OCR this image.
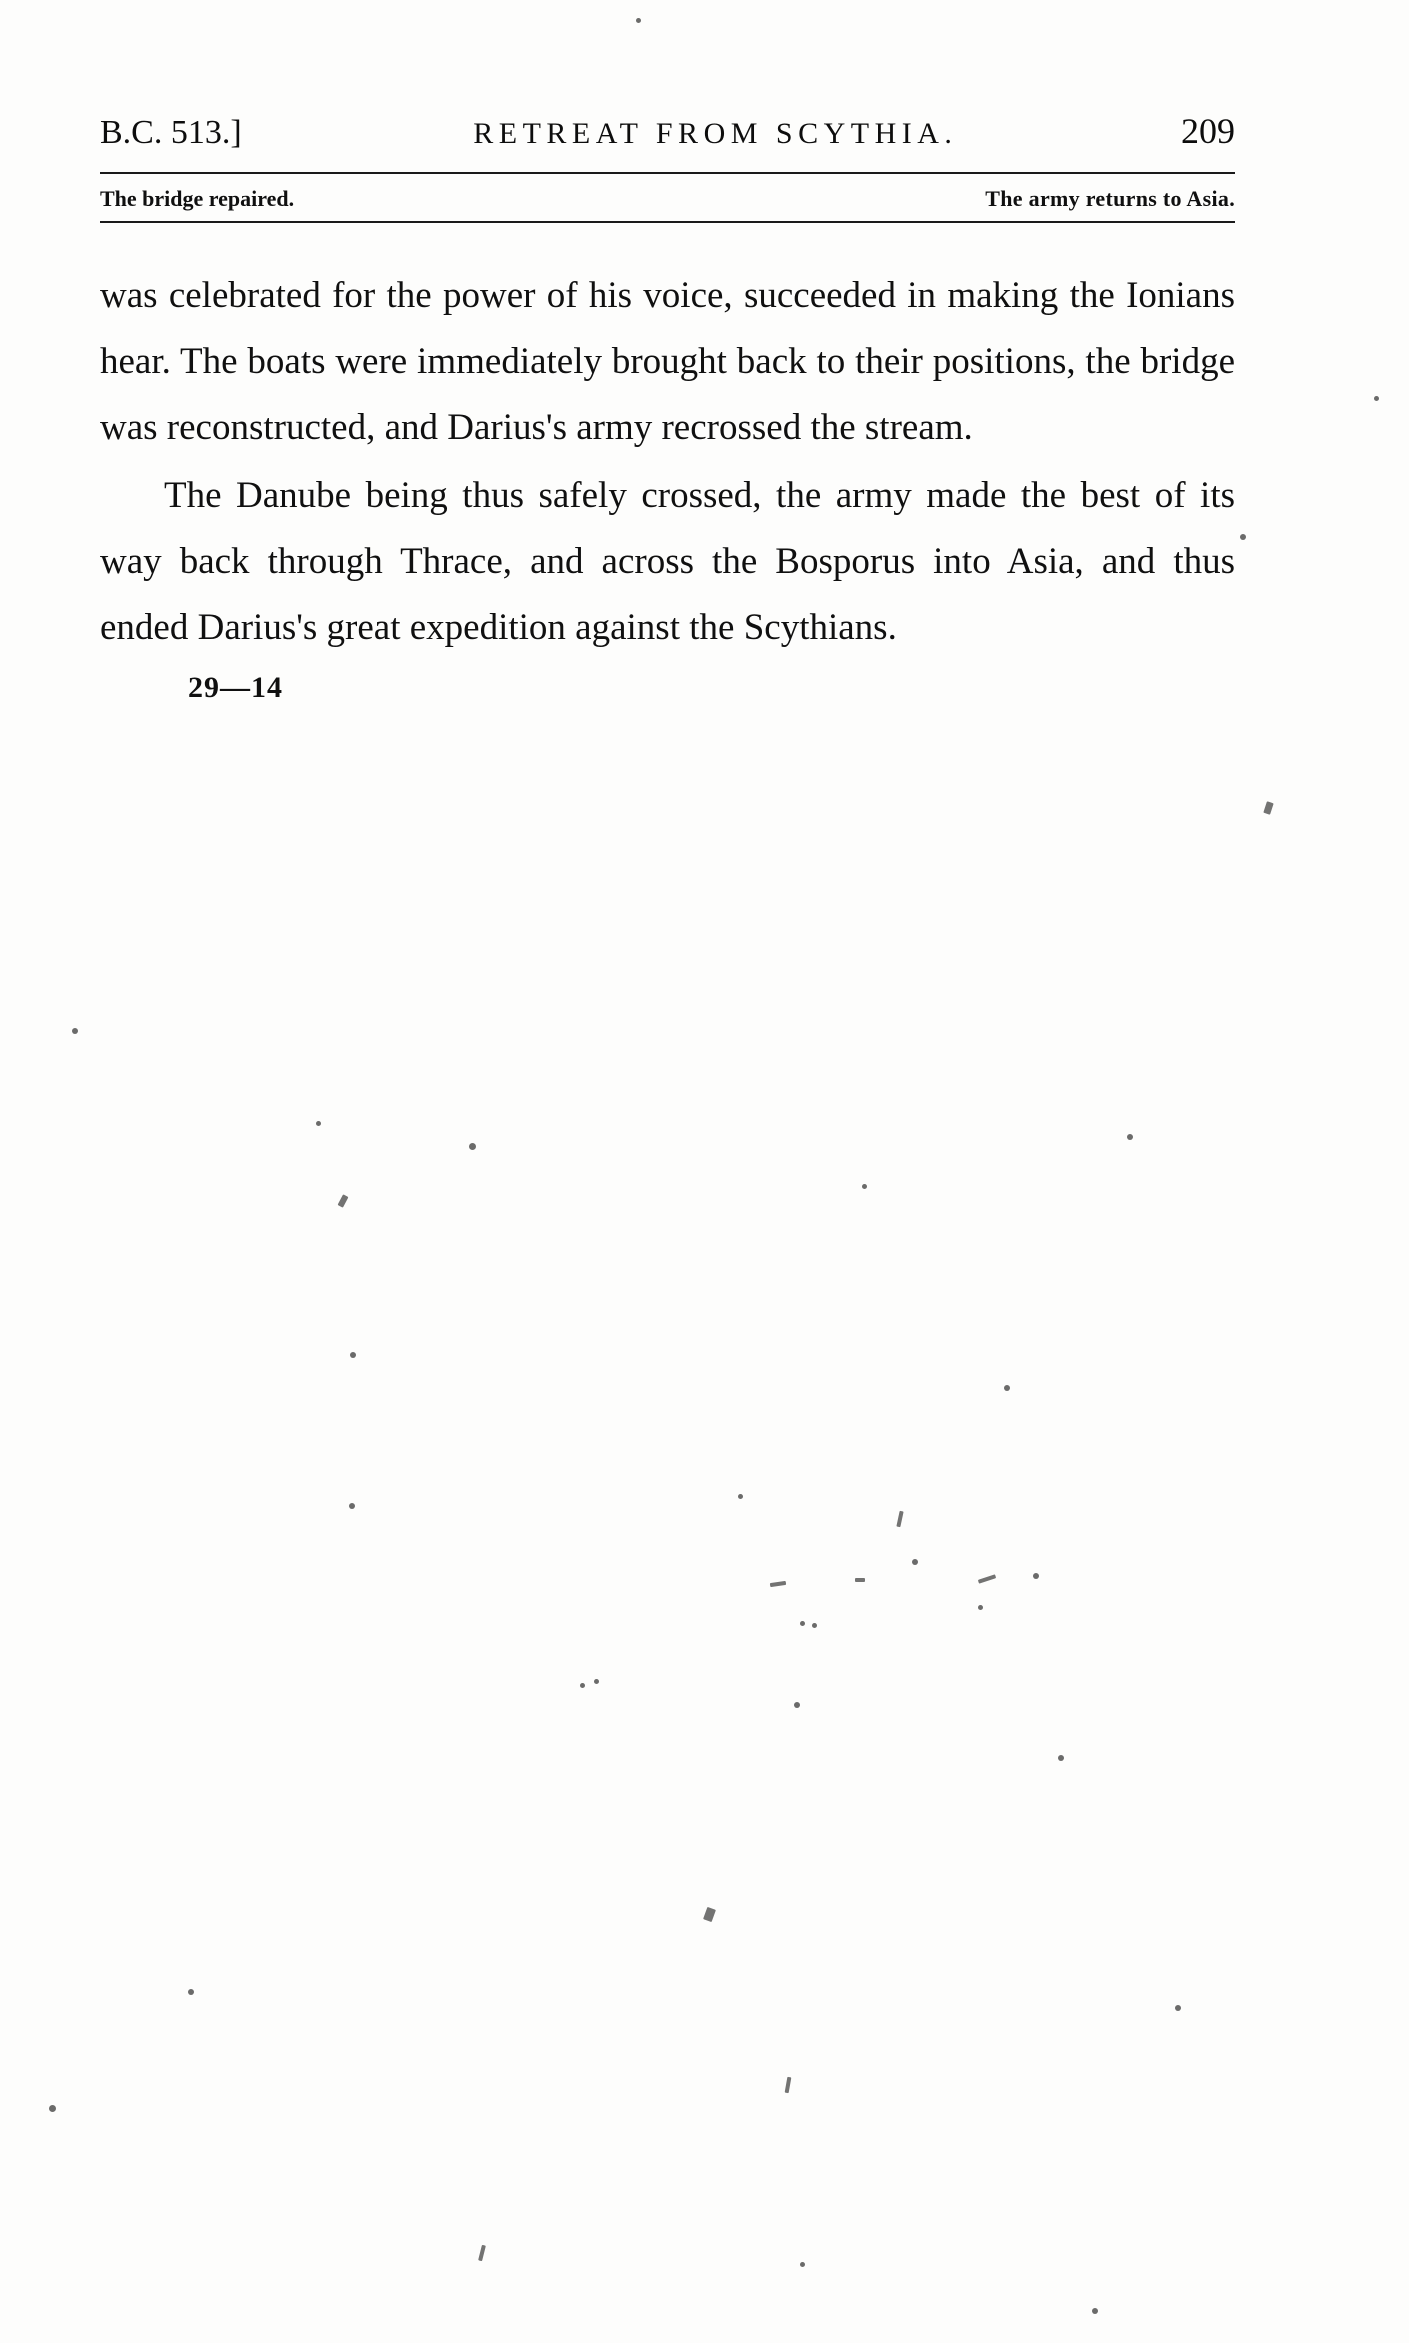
B.C. 513.]	RETREAT FROM SCYTHIA.	209
The bridge repaired.	The army returns to Asia.

was celebrated for the power of his voice, succeeded in making the Ionians hear. The boats were immediately brought back to their positions, the bridge was reconstructed, and Darius's army recrossed the stream.

The Danube being thus safely crossed, the army made the best of its way back through Thrace, and across the Bosporus into Asia, and thus ended Darius's great expedition against the Scythians.

29—14
